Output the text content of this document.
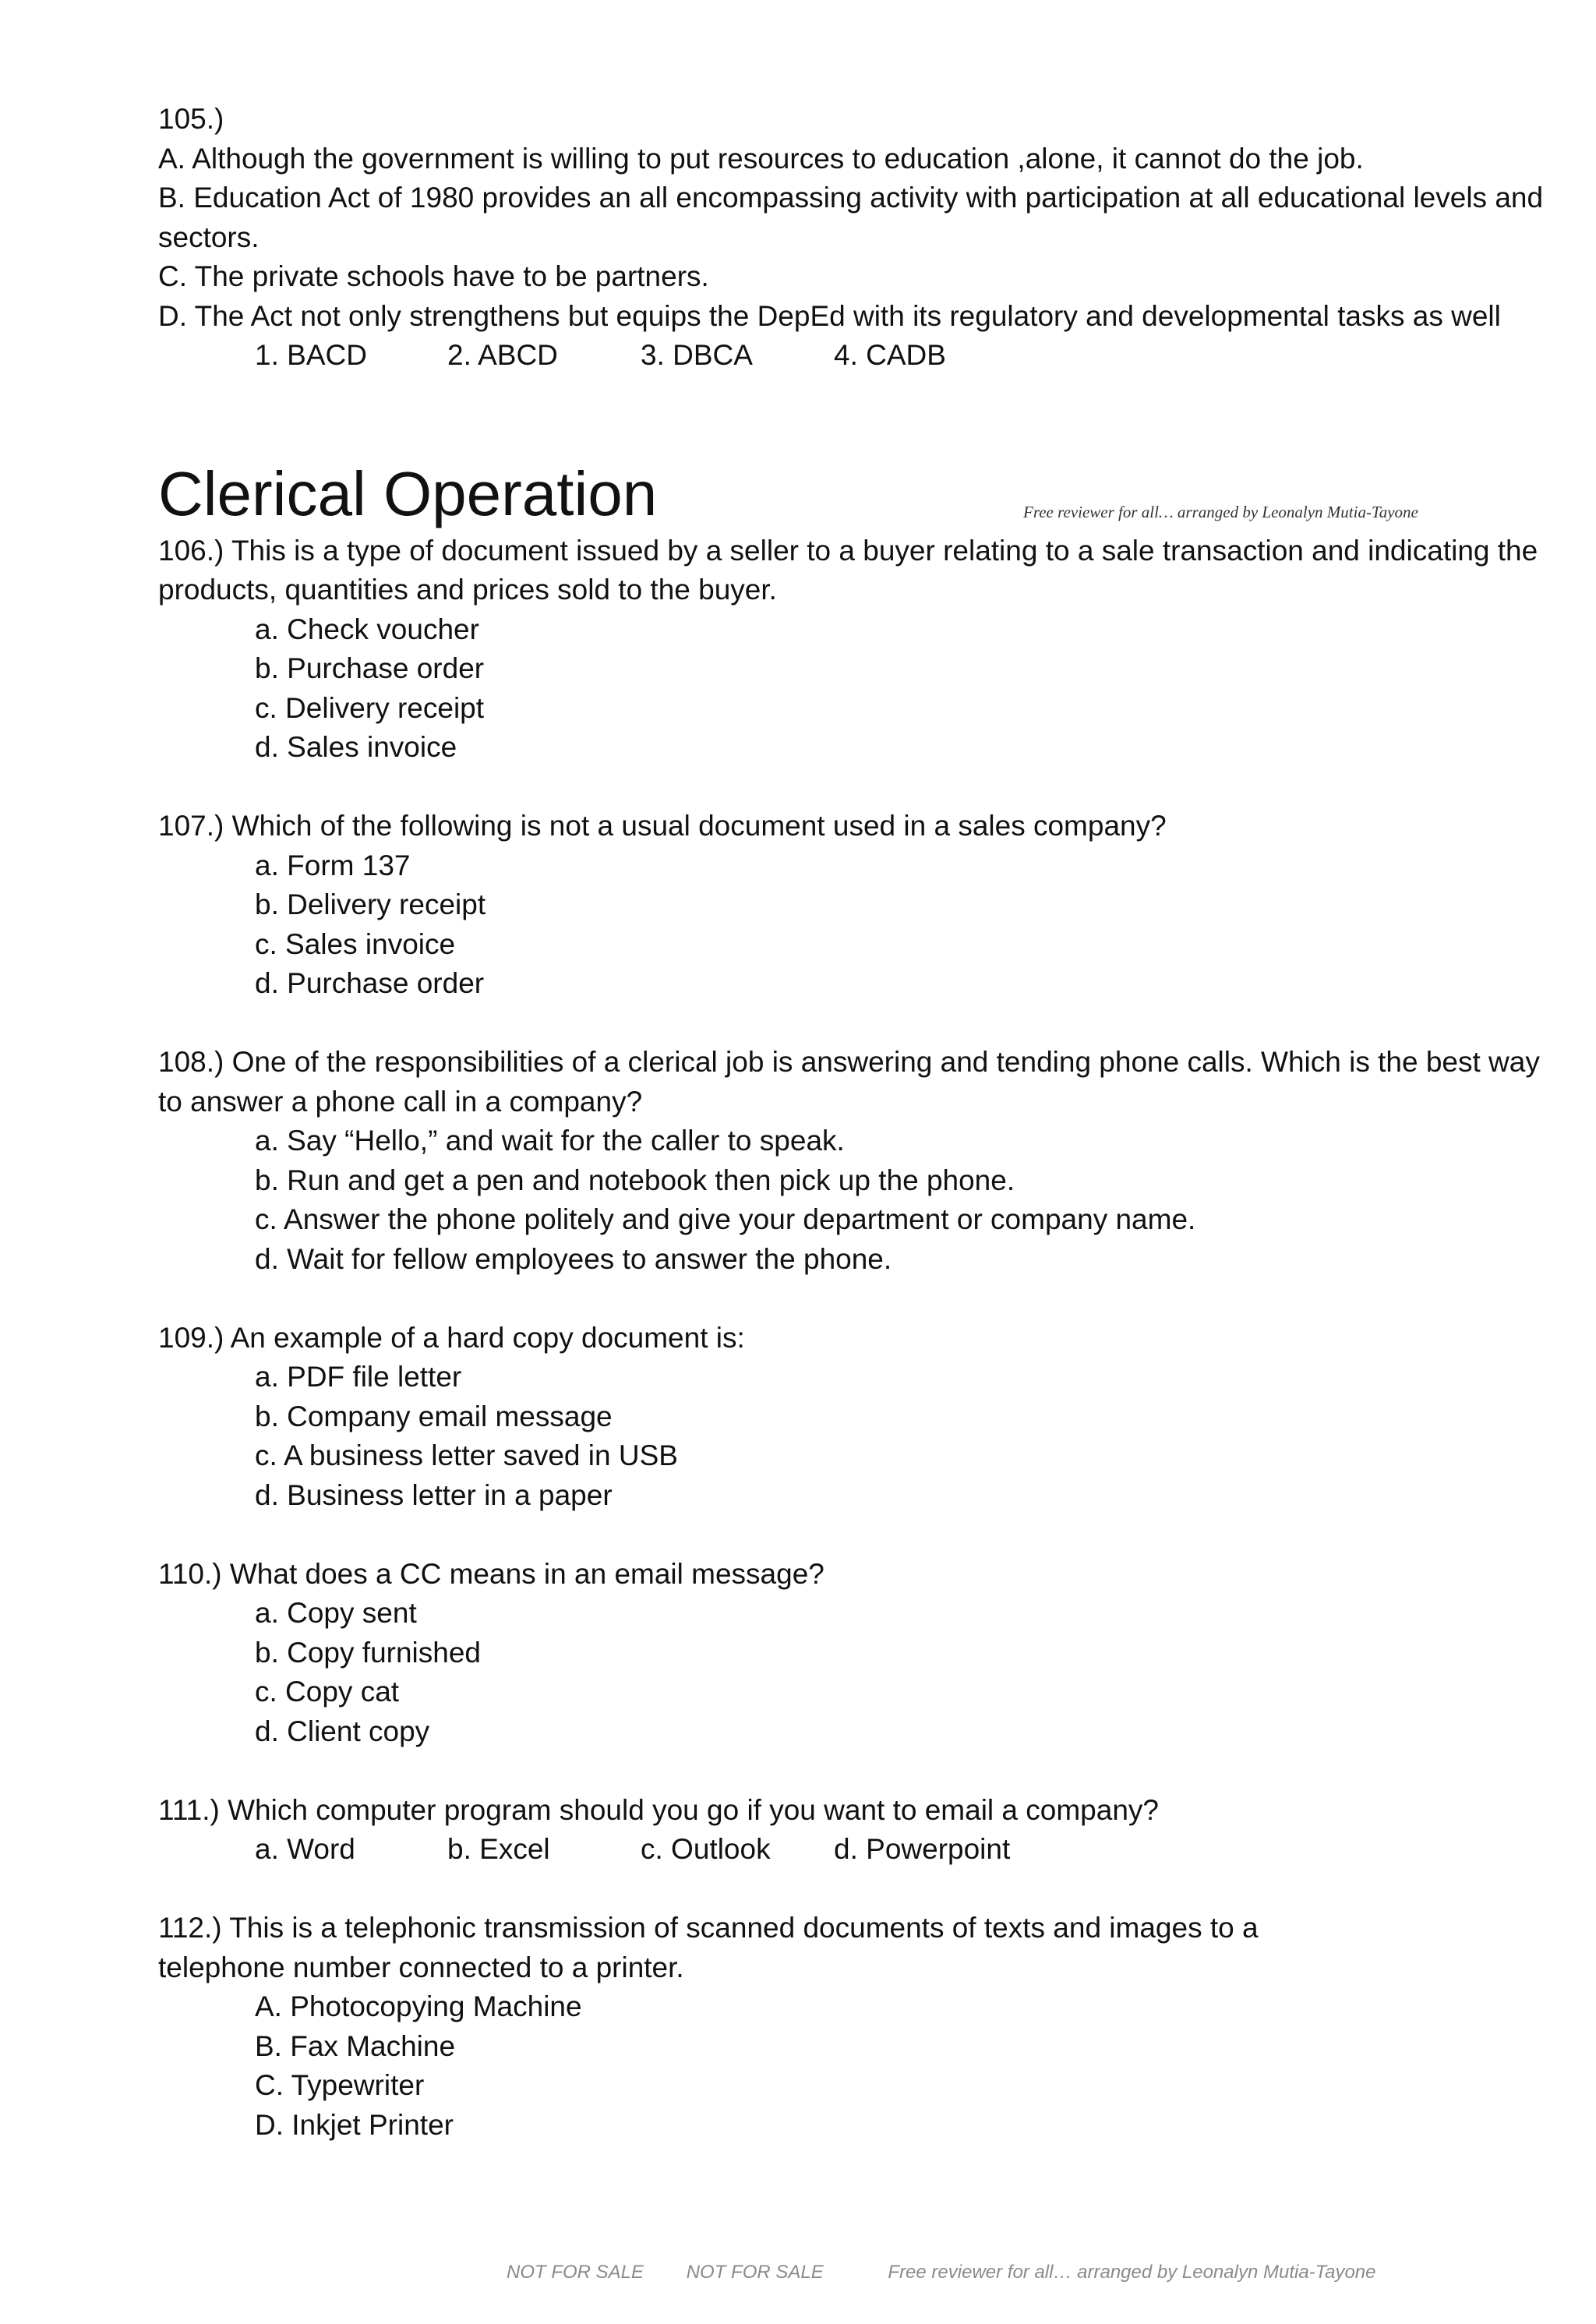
105.)
A. Although the government is willing to put resources to education ,alone, it cannot do the job.
B. Education Act of 1980 provides an all encompassing activity with participation at all educational levels and sectors.
C. The private schools have to be partners.
D. The Act not only strengthens but equips the DepEd with its regulatory and developmental tasks as well
1. BACD	2. ABCD	3. DBCA	4. CADB
Clerical Operation	Free reviewer for all… arranged by Leonalyn Mutia-Tayone
106.) This is a type of document issued by a seller to a buyer relating to a sale transaction and indicating the products, quantities and prices sold to the buyer.
a. Check voucher
b. Purchase order
c. Delivery receipt
d. Sales invoice
107.) Which of the following is not a usual document used in a sales company?
a. Form 137
b. Delivery receipt
c. Sales invoice
d. Purchase order
108.) One of the responsibilities of a clerical job is answering and tending phone calls. Which is the best way to answer a phone call in a company?
a. Say “Hello,” and wait for the caller to speak.
b. Run and get a pen and notebook then pick up the phone.
c. Answer the phone politely and give your department or company name.
d. Wait for fellow employees to answer the phone.
109.) An example of a hard copy document is:
a. PDF file letter
b. Company email message
c. A business letter saved in USB
d. Business letter in a paper
110.) What does a CC means in an email message?
a. Copy sent
b. Copy furnished
c. Copy cat
d. Client copy
111.) Which computer program should you go if you want to email a company?
a. Word	b. Excel	c. Outlook	d. Powerpoint
112.) This is a telephonic transmission of scanned documents of texts and images to a
telephone number connected to a printer.
A. Photocopying Machine
B. Fax Machine
C. Typewriter
D. Inkjet Printer
NOT FOR SALE NOT FOR SALE	Free reviewer for all… arranged by Leonalyn Mutia-Tayone
